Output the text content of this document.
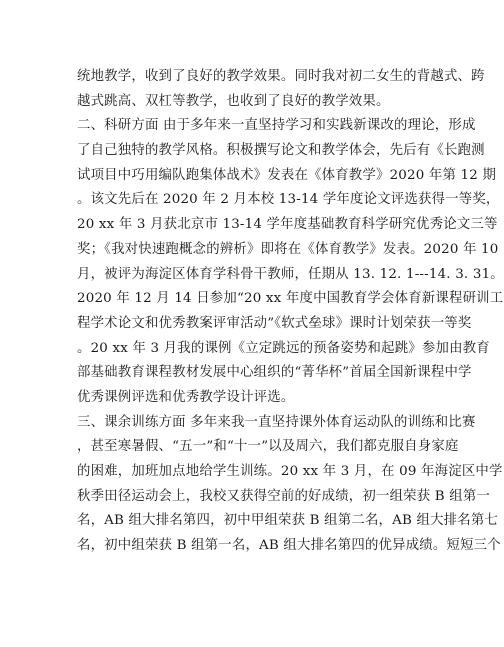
统地教学，收到了良好的教学效果。同时我对初二女生的背越式、跨
越式跳高、双杠等教学，也收到了良好的教学效果。
二、科研方面 由于多年来一直坚持学习和实践新课改的理论，形成
了自己独特的教学风格。积极撰写论文和教学体会，先后有《长跑测
试项目中巧用编队跑集体战术》发表在《体育教学》2020 年第 12 期
。该文先后在 2020 年 2 月本校 13-14 学年度论文评选获得一等奖，
20 xx 年 3 月获北京市 13-14 学年度基础教育科学研究优秀论文三等
奖；《我对快速跑概念的辨析》即将在《体育教学》发表。2020 年 10
月，被评为海淀区体育学科骨干教师，任期从 13. 12. 1---14. 3. 31。
2020 年 12 月 14 日参加“20 xx 年度中国教育学会体育新课程研训工
程学术论文和优秀教案评审活动”《软式垒球》课时计划荣获一等奖
。20 xx 年 3 月我的课例《立定跳远的预备姿势和起跳》参加由教育
部基础教育课程教材发展中心组织的“菁华杯”首届全国新课程中学
优秀课例评选和优秀教学设计评选。
三、课余训练方面 多年来我一直坚持课外体育运动队的训练和比赛
，甚至寒暑假、“五一”和“十一”以及周六，我们都克服自身家庭
的困难，加班加点地给学生训练。20 xx 年 3 月，在 09 年海淀区中学
秋季田径运动会上，我校又获得空前的好成绩，初一组荣获 B 组第一
名，AB 组大排名第四，初中甲组荣获 B 组第二名，AB 组大排名第七
名，初中组荣获 B 组第一名，AB 组大排名第四的优异成绩。短短三个
